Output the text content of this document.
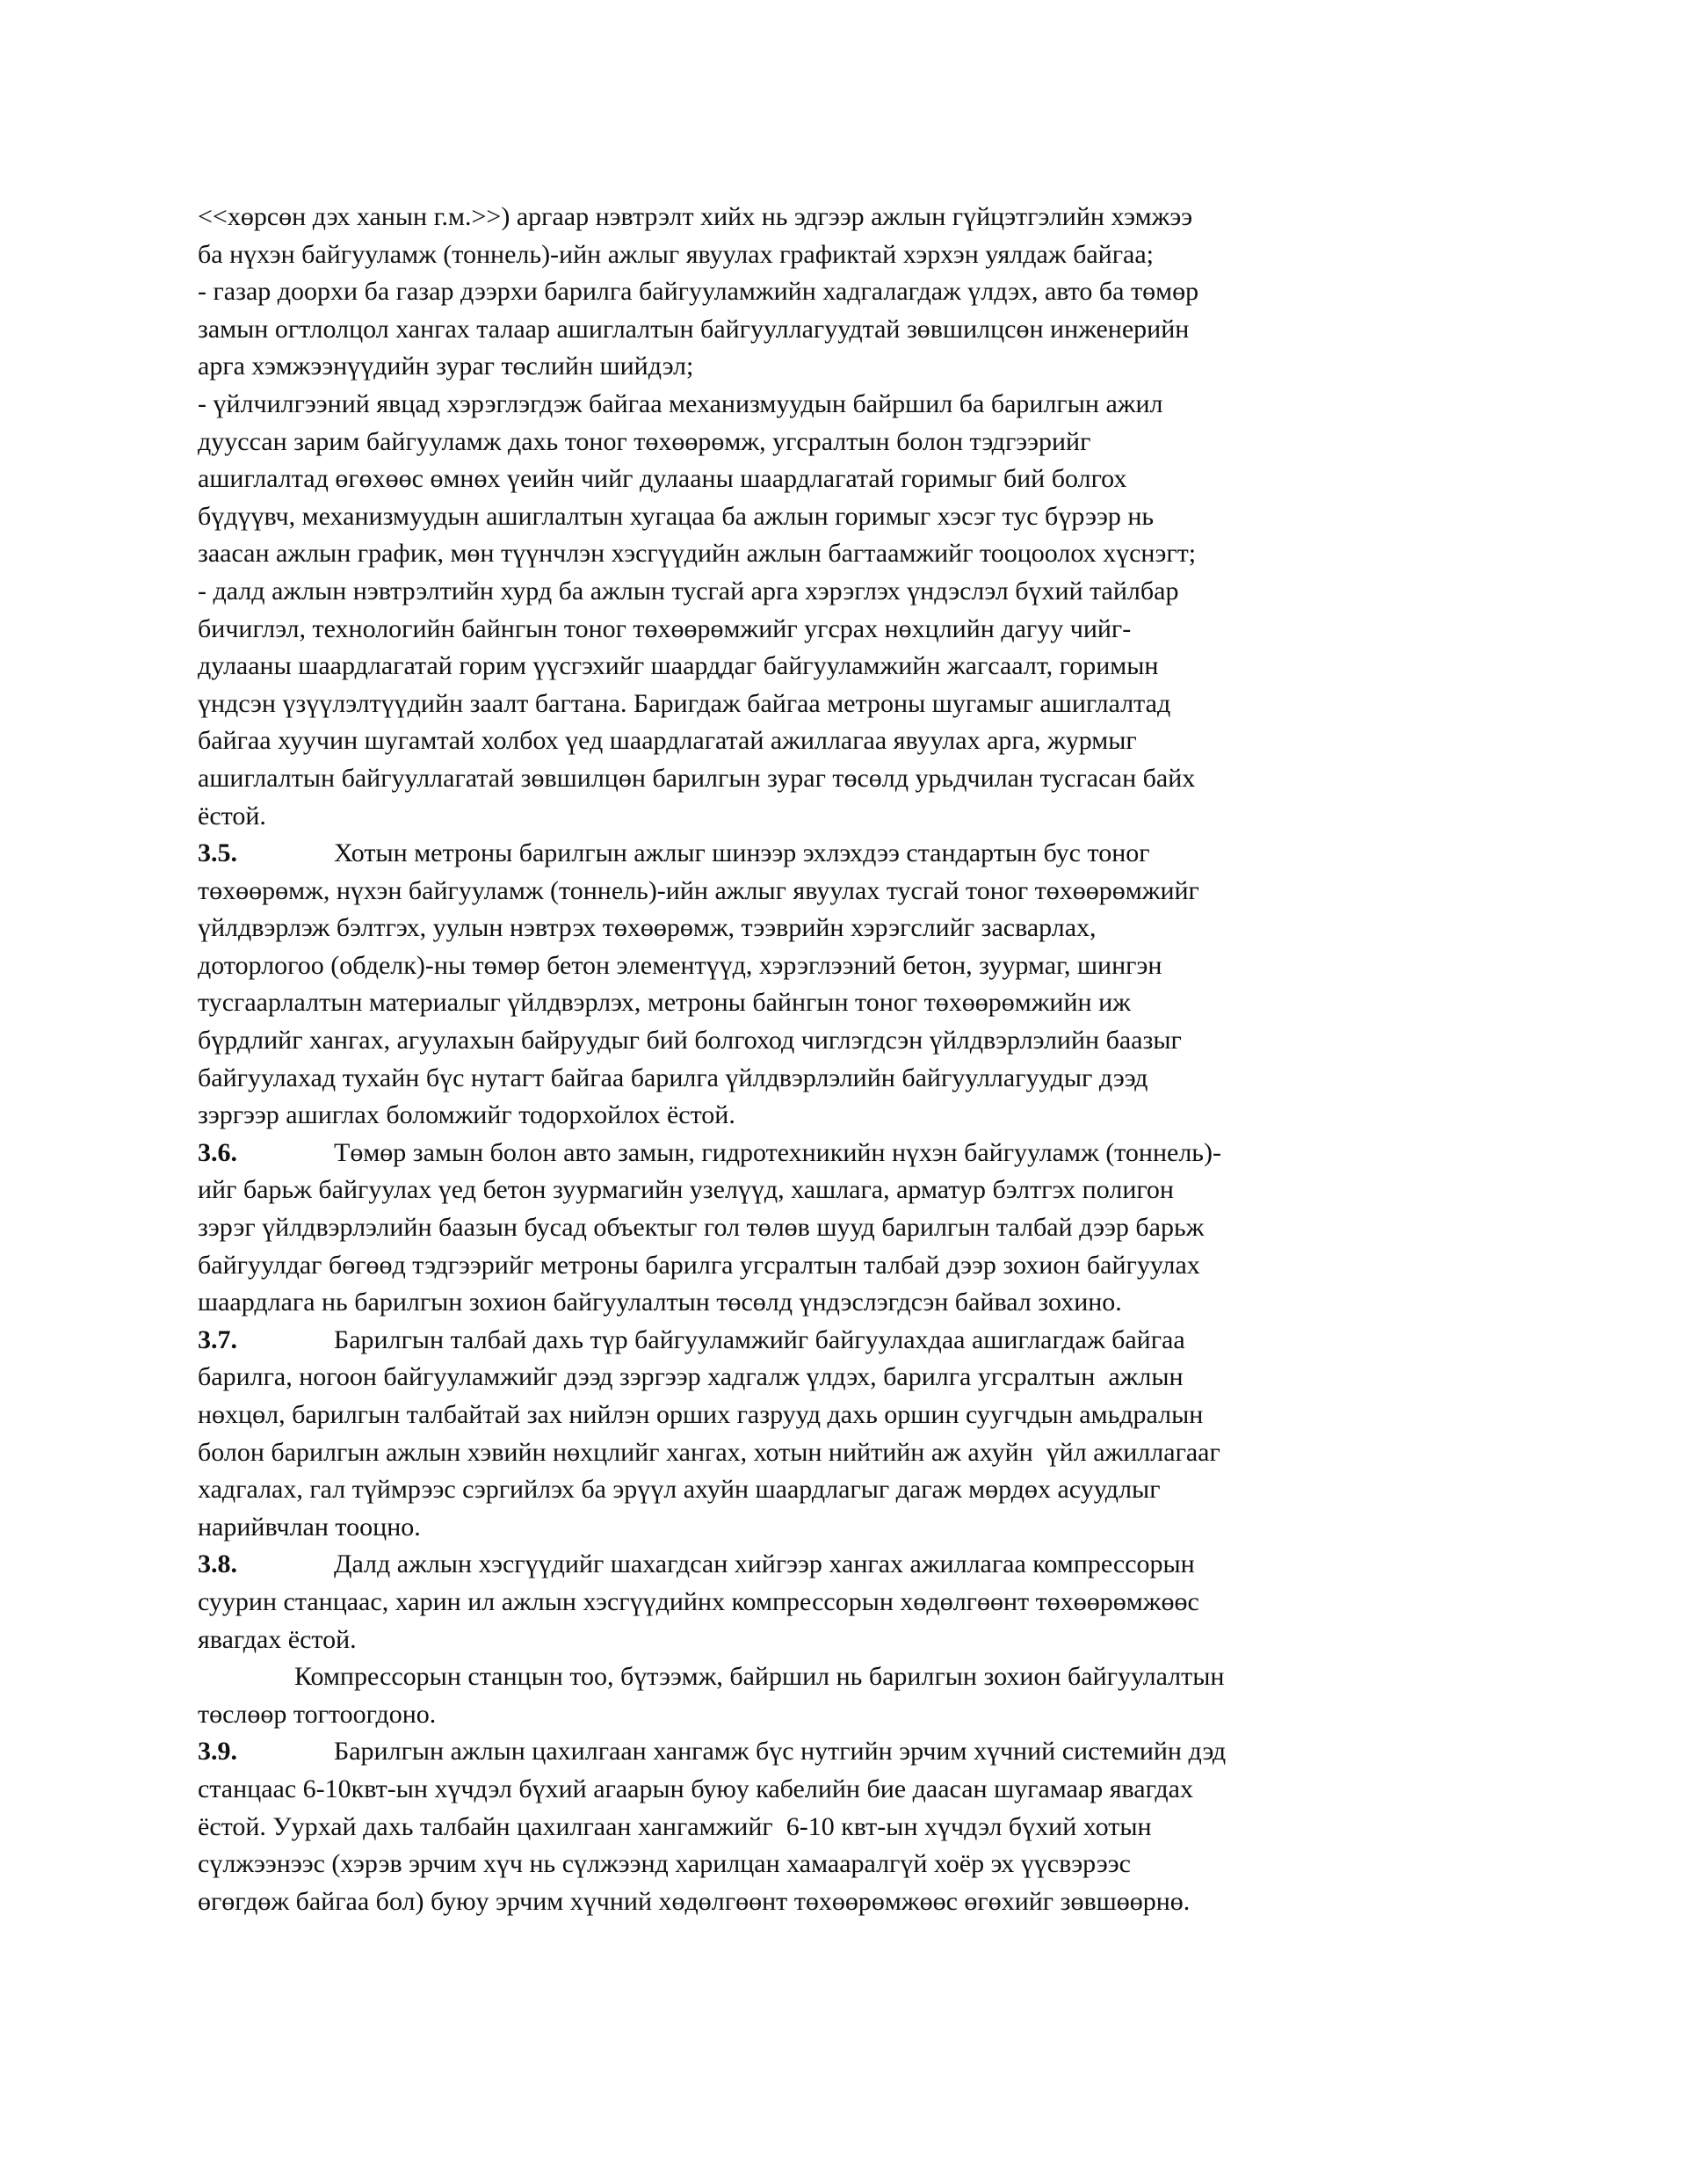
<<хөрсөн дэх ханын г.м.>>) аргаар нэвтрэлт хийх нь эдгээр ажлын гүйцэтгэлийн хэмжээ
ба нүхэн байгууламж (тоннель)-ийн ажлыг явуулах графиктай хэрхэн уялдаж байгаа;
- газар доорхи ба газар дээрхи барилга байгууламжийн хадгалагдаж үлдэх, авто ба төмөр
замын огтлолцол хангах талаар ашиглалтын байгууллагуудтай зөвшилцсөн инженерийн
арга хэмжээнүүдийн зураг төслийн шийдэл;
- үйлчилгээний явцад хэрэглэгдэж байгаа механизмуудын байршил ба барилгын ажил
дууссан зарим байгууламж дахь тоног төхөөрөмж, угсралтын болон тэдгээрийг
ашиглалтад өгөхөөс өмнөх үеийн чийг дулааны шаардлагатай горимыг бий болгох
бүдүүвч, механизмуудын ашиглалтын хугацаа ба ажлын горимыг хэсэг тус бүрээр нь
заасан ажлын график, мөн түүнчлэн хэсгүүдийн ажлын багтаамжийг тооцоолох хүснэгт;
- далд ажлын нэвтрэлтийн хурд ба ажлын тусгай арга хэрэглэх үндэслэл бүхий тайлбар
бичиглэл, технологийн байнгын тоног төхөөрөмжийг угсрах нөхцлийн дагуу чийг-
дулааны шаардлагатай горим үүсгэхийг шаарддаг байгууламжийн жагсаалт, горимын
үндсэн үзүүлэлтүүдийн заалт багтана. Баригдаж байгаа метроны шугамыг ашиглалтад
байгаа хуучин шугамтай холбох үед шаардлагатай ажиллагаа явуулах арга, журмыг
ашиглалтын байгууллагатай зөвшилцөн барилгын зураг төсөлд урьдчилан тусгасан байх
ёстой.
3.5.	Хотын метроны барилгын ажлыг шинээр эхлэхдээ стандартын бус тоног
төхөөрөмж, нүхэн байгууламж (тоннель)-ийн ажлыг явуулах тусгай тоног төхөөрөмжийг
үйлдвэрлэж бэлтгэх, уулын нэвтрэх төхөөрөмж, тээврийн хэрэгслийг засварлах,
доторлогоо (обделк)-ны төмөр бетон элементүүд, хэрэглээний бетон, зуурмаг, шингэн
тусгаарлалтын материалыг үйлдвэрлэх, метроны байнгын тоног төхөөрөмжийн иж
бүрдлийг хангах, агуулахын байруудыг бий болгоход чиглэгдсэн үйлдвэрлэлийн баазыг
байгуулахад тухайн бүс нутагт байгаа барилга үйлдвэрлэлийн байгууллагуудыг дээд
зэргээр ашиглах боломжийг тодорхойлох ёстой.
3.6.	Төмөр замын болон авто замын, гидротехникийн нүхэн байгууламж (тоннель)-
ийг барьж байгуулах үед бетон зуурмагийн узелүүд, хашлага, арматур бэлтгэх полигон
зэрэг үйлдвэрлэлийн баазын бусад объектыг гол төлөв шууд барилгын талбай дээр барьж
байгуулдаг бөгөөд тэдгээрийг метроны барилга угсралтын талбай дээр зохион байгуулах
шаардлага нь барилгын зохион байгуулалтын төсөлд үндэслэгдсэн байвал зохино.
3.7.	Барилгын талбай дахь түр байгууламжийг байгуулахдаа ашиглагдаж байгаа
барилга, ногоон байгууламжийг дээд зэргээр хадгалж үлдэх, барилга угсралтын  ажлын
нөхцөл, барилгын талбайтай зах нийлэн орших газрууд дахь оршин суугчдын амьдралын
болон барилгын ажлын хэвийн нөхцлийг хангах, хотын нийтийн аж ахуйн  үйл ажиллагааг
хадгалах, гал түймрээс сэргийлэх ба эрүүл ахуйн шаардлагыг дагаж мөрдөх асуудлыг
нарийвчлан тооцно.
3.8.	Далд ажлын хэсгүүдийг шахагдсан хийгээр хангах ажиллагаа компрессорын
суурин станцаас, харин ил ажлын хэсгүүдийнх компрессорын хөдөлгөөнт төхөөрөмжөөс
явагдах ёстой.
Компрессорын станцын тоо, бүтээмж, байршил нь барилгын зохион байгуулалтын
төслөөр тогтоогдоно.
3.9.	Барилгын ажлын цахилгаан хангамж бүс нутгийн эрчим хүчний системийн дэд
станцаас 6-10квт-ын хүчдэл бүхий агаарын буюу кабелийн бие даасан шугамаар явагдах
ёстой. Уурхай дахь талбайн цахилгаан хангамжийг  6-10 квт-ын хүчдэл бүхий хотын
сүлжээнээс (хэрэв эрчим хүч нь сүлжээнд харилцан хамааралгүй хоёр эх үүсвэрээс
өгөгдөж байгаа бол) буюу эрчим хүчний хөдөлгөөнт төхөөрөмжөөс өгөхийг зөвшөөрнө.
